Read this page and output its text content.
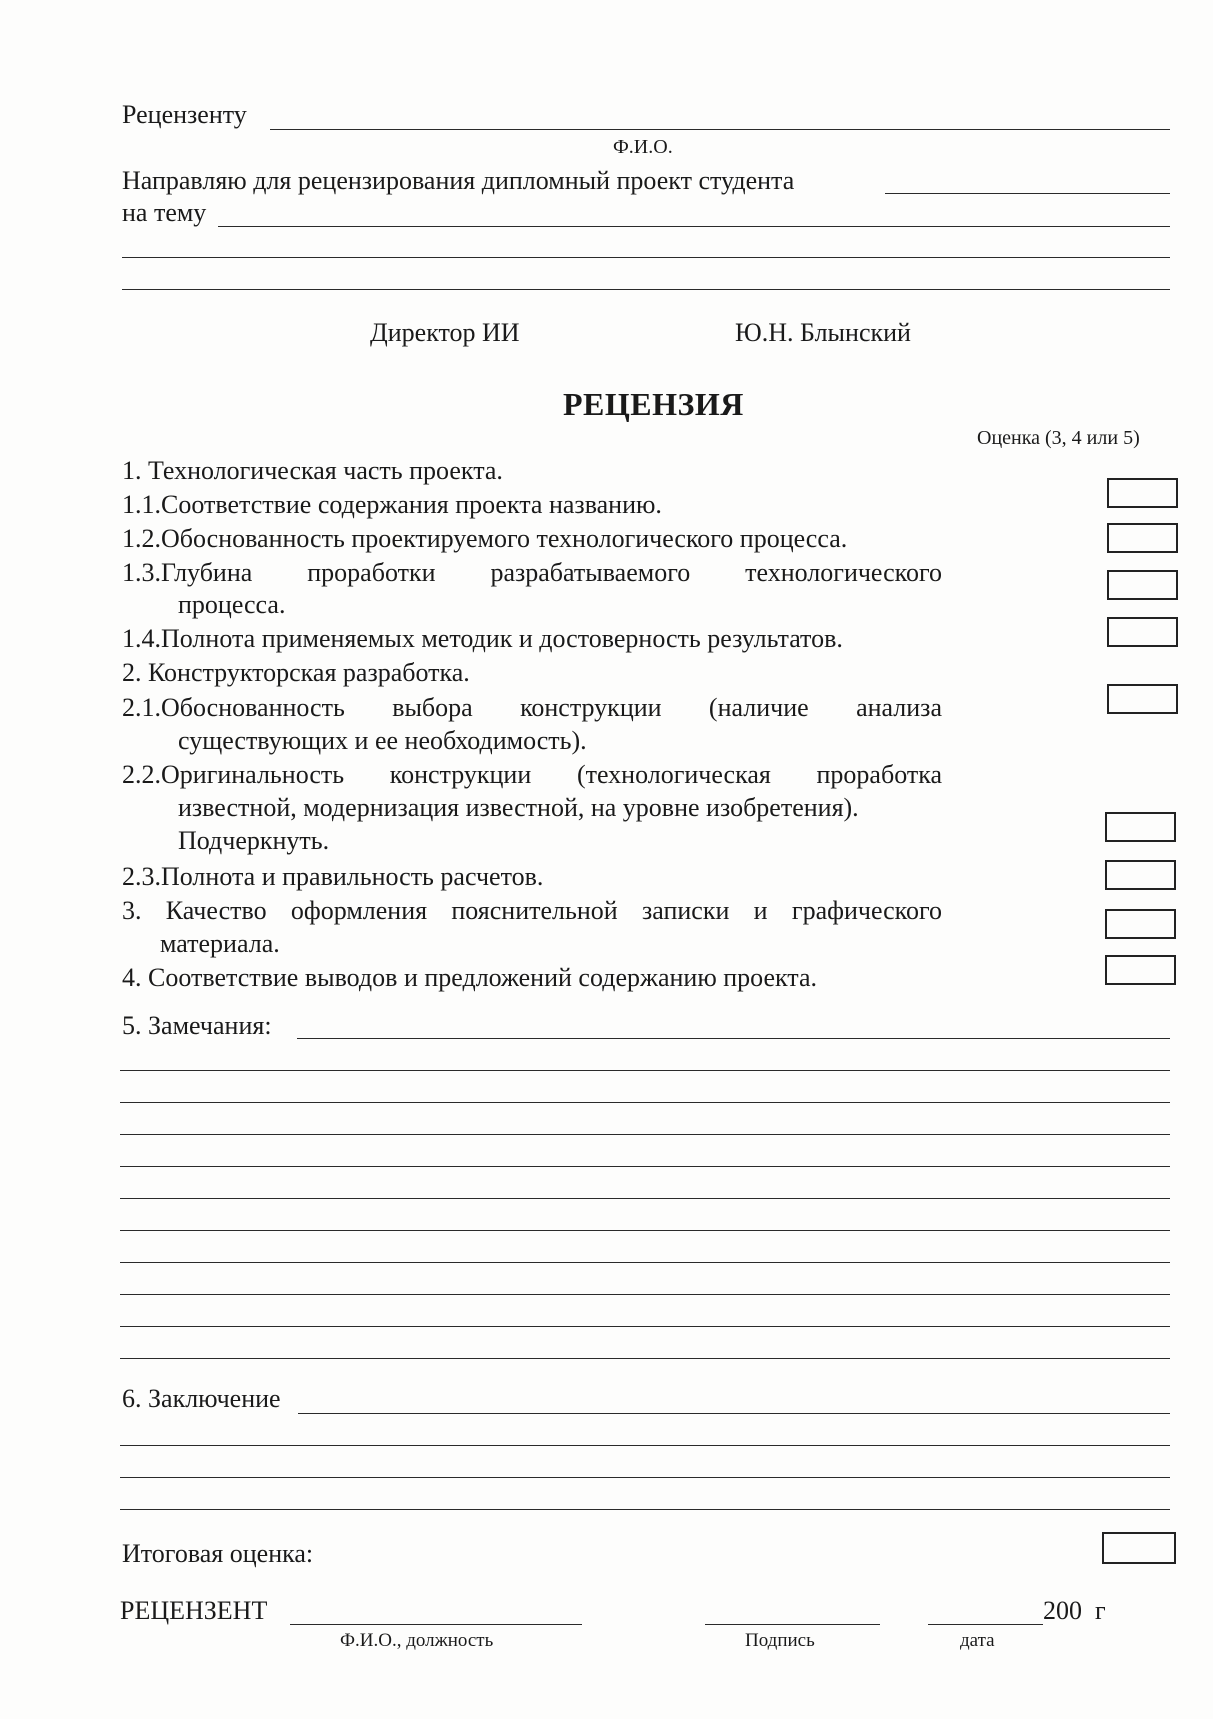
Рецензенту
Ф.И.О.
Направляю для рецензирования дипломный проект студента
на тему
Директор ИИ	Ю.Н. Блынский
РЕЦЕНЗИЯ
Оценка (3, 4 или 5)
1. Технологическая часть проекта.
1.1.Соответствие содержания проекта названию.
1.2.Обоснованность проектируемого технологического процесса.
1.3.Глубина проработки разрабатываемого технологического
процесса.
1.4.Полнота применяемых методик и достоверность результатов.
2. Конструкторская разработка.
2.1.Обоснованность выбора конструкции (наличие анализа
существующих и ее необходимость).
2.2.Оригинальность конструкции (технологическая проработка
известной, модернизация известной, на уровне изобретения).
Подчеркнуть.
2.3.Полнота и правильность расчетов.
3. Качество оформления пояснительной записки и графического
материала.
4. Соответствие выводов и предложений содержанию проекта.
5. Замечания:
6. Заключение
Итоговая оценка:
РЕЦЕНЗЕНТ
Ф.И.О., должность	Подпись
200  г
дата
